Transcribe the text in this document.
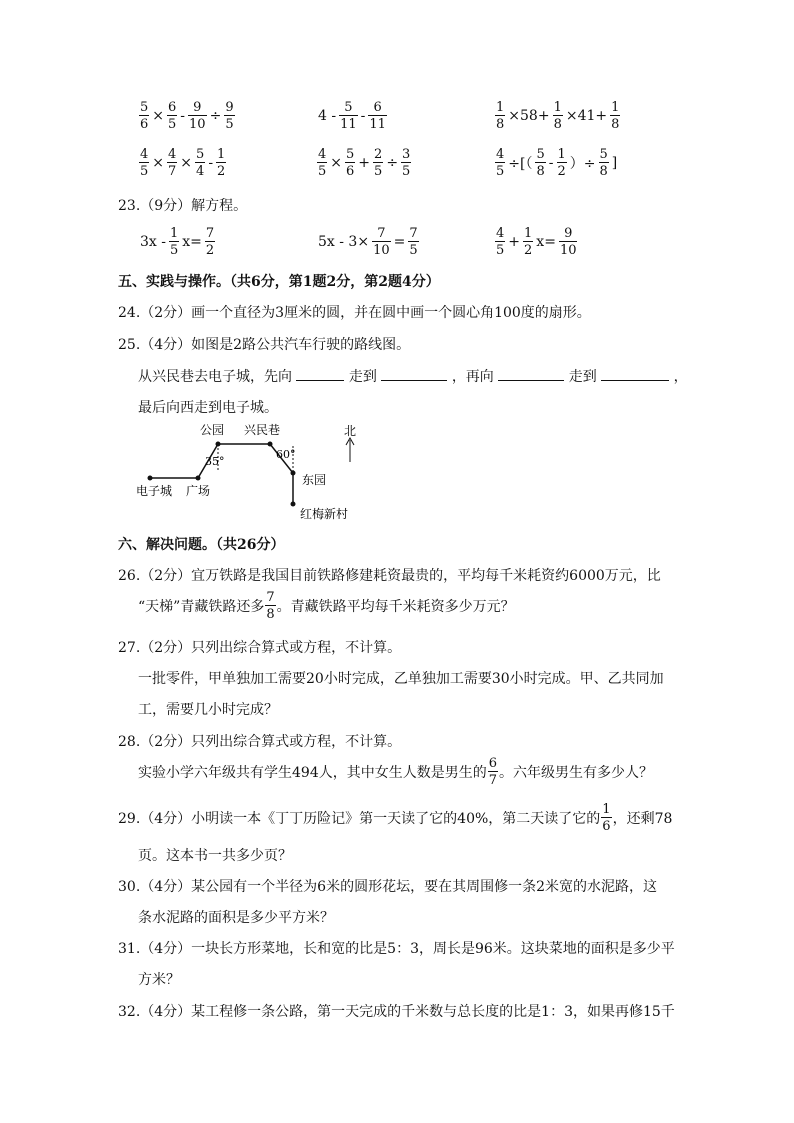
$\frac{5}{6} \times \frac{6}{5} - \frac{9}{10} \div \frac{9}{5}$	$4 - \frac{5}{11} - \frac{6}{11}$	$\frac{1}{8} \times 58+ \frac{1}{8} \times 41+ \frac{1}{8}$
$\frac{4}{5} \times \frac{4}{7} \times \frac{5}{4} - \frac{1}{2}$	$\frac{4}{5} \times \frac{5}{6} + \frac{2}{5} \div \frac{3}{5}$	$\frac{4}{5}$ ÷[（ $\frac{5}{8} - \frac{1}{2}$ ）÷ $\frac{5}{8}$ ]
23.（9分）解方程。
$3x - \frac{1}{5} x= \frac{7}{2}$	$5x - 3\times \frac{7}{10} = \frac{7}{5}$	$\frac{4}{5} + \frac{1}{2} x= \frac{9}{10}$
五、实践与操作。（共6分，第1题2分，第2题4分）
24.（2分）画一个直径为3厘米的圆，并在圆中画一个圆心角100度的扇形。
25.（4分）如图是2路公共汽车行驶的路线图。
从兴民巷去电子城，先向	走到	，再向	走到	，
最后向西走到电子城。
公园 兴民巷
东园
电子城 广场
红梅新村
北
35°
60°
六、解决问题。（共26分）
26.（2分）宜万铁路是我国目前铁路修建耗资最贵的，平均每千米耗资约6000万元，比
“天梯”青藏铁路还多 $\frac{7}{8}$ 。青藏铁路平均每千米耗资多少万元？
27.（2分）只列出综合算式或方程，不计算。
一批零件，甲单独加工需要20小时完成，乙单独加工需要30小时完成。甲、乙共同加
工，需要几小时完成？
28.（2分）只列出综合算式或方程，不计算。
实验小学六年级共有学生494人，其中女生人数是男生的 $\frac{6}{7}$ 。六年级男生有多少人？
29.（4分）小明读一本《丁丁历险记》第一天读了它的40%，第二天读了它的 $\frac{1}{6}$ ，还剩78
页。这本书一共多少页？
30.（4分）某公园有一个半径为6米的圆形花坛，要在其周围修一条2米宽的水泥路，这
条水泥路的面积是多少平方米？
31.（4分）一块长方形菜地，长和宽的比是5：3，周长是96米。这块菜地的面积是多少平
方米？
32.（4分）某工程修一条公路，第一天完成的千米数与总长度的比是1：3，如果再修15千
